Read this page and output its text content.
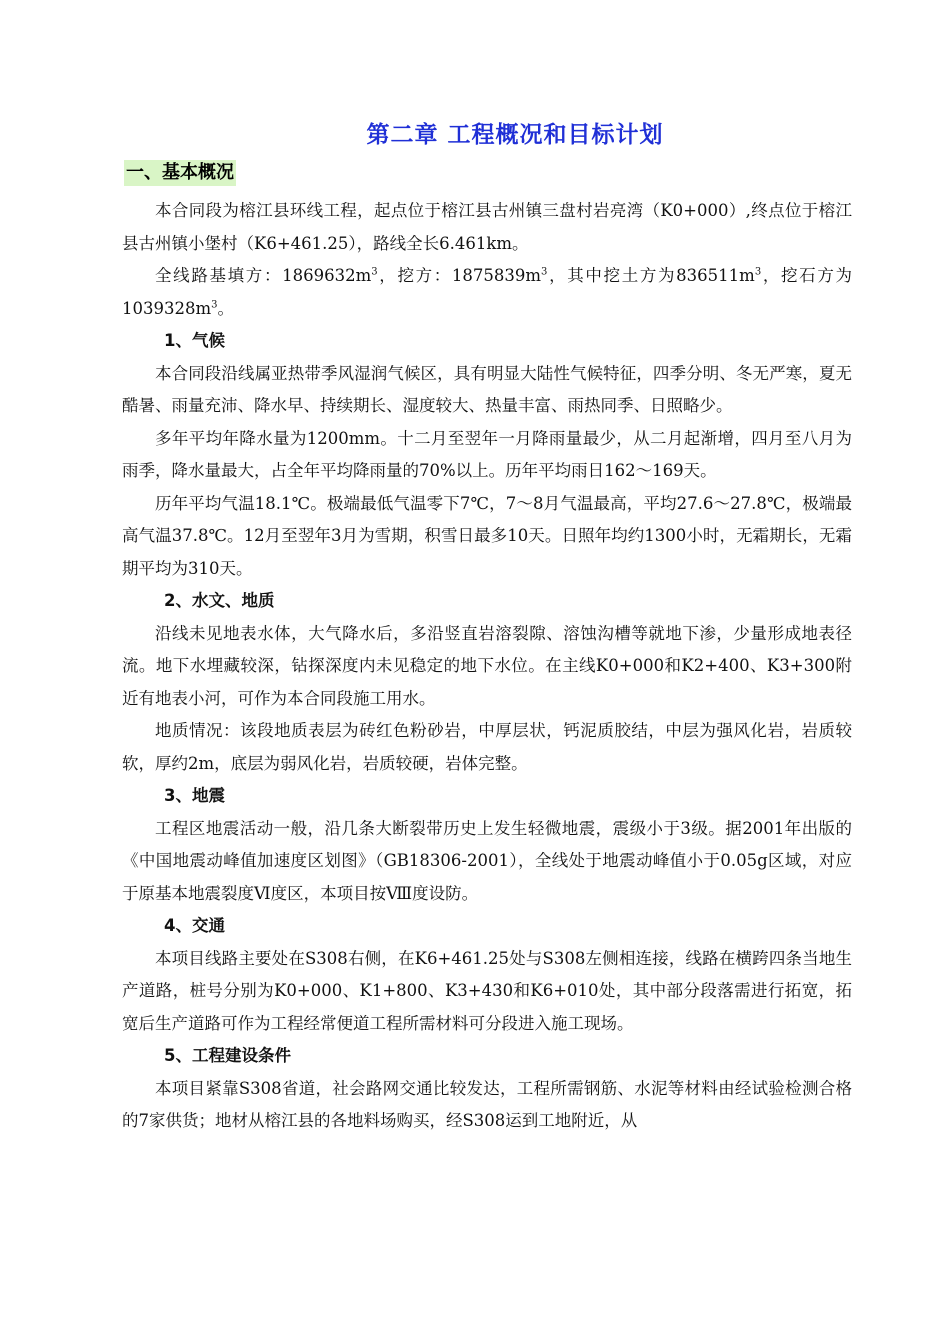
第二章 工程概况和目标计划
一、基本概况

本合同段为榕江县环线工程，起点位于榕江县古州镇三盘村岩亮湾（K0+000）,终点位于榕江县古州镇小堡村（K6+461.25），路线全长6.461km。

全线路基填方：$1869632m^3$，挖方：$1875839m^3$，其中挖土方为$836511m^3$，挖石方为$1039328m^3$。

1、气候

本合同段沿线属亚热带季风湿润气候区，具有明显大陆性气候特征，四季分明、冬无严寒，夏无酷暑、雨量充沛、降水早、持续期长、湿度较大、热量丰富、雨热同季、日照略少。

多年平均年降水量为1200mm。十二月至翌年一月降雨量最少，从二月起渐增，四月至八月为雨季，降水量最大，占全年平均降雨量的70%以上。历年平均雨日162～169天。

历年平均气温18.1℃。极端最低气温零下7℃，7～8月气温最高，平均27.6～27.8℃，极端最高气温37.8℃。12月至翌年3月为雪期，积雪日最多10天。日照年均约1300小时，无霜期长，无霜期平均为310天。

2、水文、地质

沿线未见地表水体，大气降水后，多沿竖直岩溶裂隙、溶蚀沟槽等就地下渗，少量形成地表径流。地下水埋藏较深，钻探深度内未见稳定的地下水位。在主线K0+000和K2+400、K3+300附近有地表小河，可作为本合同段施工用水。

地质情况：该段地质表层为砖红色粉砂岩，中厚层状，钙泥质胶结，中层为强风化岩，岩质较软，厚约2m，底层为弱风化岩，岩质较硬，岩体完整。

3、地震

工程区地震活动一般，沿几条大断裂带历史上发生轻微地震，震级小于3级。据2001年出版的《中国地震动峰值加速度区划图》（GB18306-2001），全线处于地震动峰值小于0.05g区域，对应于原基本地震裂度Ⅵ度区，本项目按Ⅷ度设防。

4、交通

本项目线路主要处在S308右侧，在K6+461.25处与S308左侧相连接，线路在横跨四条当地生产道路，桩号分别为K0+000、K1+800、K3+430和K6+010处，其中部分段落需进行拓宽，拓宽后生产道路可作为工程经常便道工程所需材料可分段进入施工现场。

5、工程建设条件

本项目紧靠S308省道，社会路网交通比较发达，工程所需钢筋、水泥等材料由经试验检测合格的7家供货；地材从榕江县的各地料场购买，经S308运到工地附近，从
